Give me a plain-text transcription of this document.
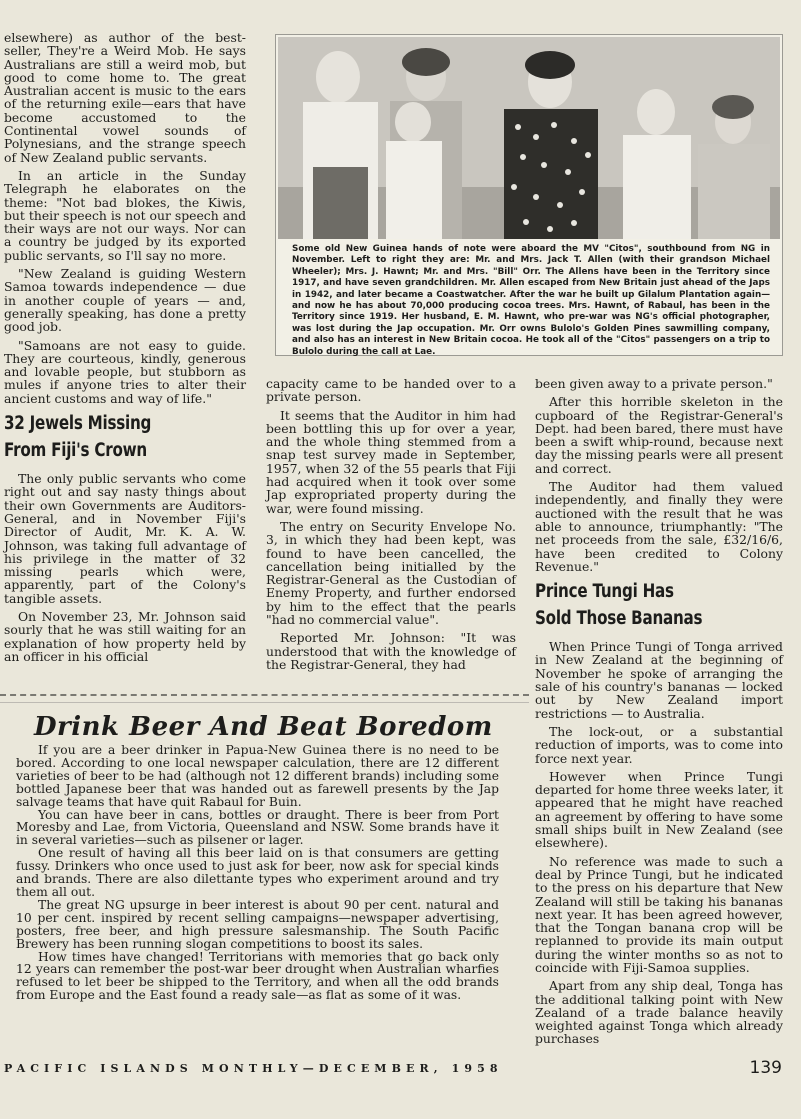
elsewhere) as author of the best-seller, They're a Weird Mob. He says Australians are still a weird mob, but good to come home to. The great Australian accent is music to the ears of the returning exile—ears that have become accustomed to the Continental vowel sounds of Polynesians, and the strange speech of New Zealand public servants.

In an article in the Sunday Telegraph he elaborates on the theme: "Not bad blokes, the Kiwis, but their speech is not our speech and their ways are not our ways. Nor can a country be judged by its exported public servants, so I'll say no more.

"New Zealand is guiding Western Samoa towards independence — due in another couple of years — and, generally speaking, has done a pretty good job.

"Samoans are not easy to guide. They are courteous, kindly, generous and lovable people, but stubborn as mules if anyone tries to alter their ancient customs and way of life."

32 Jewels Missing
From Fiji's Crown

The only public servants who come right out and say nasty things about their own Governments are Auditors-General, and in November Fiji's Director of Audit, Mr. K. A. W. Johnson, was taking full advantage of his privilege in the matter of 32 missing pearls which were, apparently, part of the Colony's tangible assets.

On November 23, Mr. Johnson said sourly that he was still waiting for an explanation of how property held by an officer in his official

Some old New Guinea hands of note were aboard the MV "Citos", southbound from NG in November. Left to right they are: Mr. and Mrs. Jack T. Allen (with their grandson Michael Wheeler); Mrs. J. Hawnt; Mr. and Mrs. "Bill" Orr. The Allens have been in the Territory since 1917, and have seven grandchildren. Mr. Allen escaped from New Britain just ahead of the Japs in 1942, and later became a Coastwatcher. After the war he built up Gilalum Plantation again—and now he has about 70,000 producing cocoa trees. Mrs. Hawnt, of Rabaul, has been in the Territory since 1919. Her husband, E. M. Hawnt, who pre-war was NG's official photographer, was lost during the Jap occupation. Mr. Orr owns Bulolo's Golden Pines sawmilling company, and also has an interest in New Britain cocoa. He took all of the "Citos" passengers on a trip to Bulolo during the call at Lae.

capacity came to be handed over to a private person.

It seems that the Auditor in him had been bottling this up for over a year, and the whole thing stemmed from a snap test survey made in September, 1957, when 32 of the 55 pearls that Fiji had acquired when it took over some Jap expropriated property during the war, were found missing.

The entry on Security Envelope No. 3, in which they had been kept, was found to have been cancelled, the cancellation being initialled by the Registrar-General as the Custodian of Enemy Property, and further endorsed by him to the effect that the pearls "had no commercial value".

Reported Mr. Johnson: "It was understood that with the knowledge of the Registrar-General, they had

been given away to a private person."

After this horrible skeleton in the cupboard of the Registrar-General's Dept. had been bared, there must have been a swift whip-round, because next day the missing pearls were all present and correct.

The Auditor had them valued independently, and finally they were auctioned with the result that he was able to announce, triumphantly: "The net proceeds from the sale, £32/16/6, have been credited to Colony Revenue."

Prince Tungi Has
Sold Those Bananas

When Prince Tungi of Tonga arrived in New Zealand at the beginning of November he spoke of arranging the sale of his country's bananas — locked out by New Zealand import restrictions — to Australia.

The lock-out, or a substantial reduction of imports, was to come into force next year.

However when Prince Tungi departed for home three weeks later, it appeared that he might have reached an agreement by offering to have some small ships built in New Zealand (see elsewhere).

No reference was made to such a deal by Prince Tungi, but he indicated to the press on his departure that New Zealand will still be taking his bananas next year. It has been agreed however, that the Tongan banana crop will be replanned to provide its main output during the winter months so as not to coincide with Fiji-Samoa supplies.

Apart from any ship deal, Tonga has the additional talking point with New Zealand of a trade balance heavily weighted against Tonga which already purchases

Drink Beer And Beat Boredom

If you are a beer drinker in Papua-New Guinea there is no need to be bored. According to one local newspaper calculation, there are 12 different varieties of beer to be had (although not 12 different brands) including some bottled Japanese beer that was handed out as farewell presents by the Jap salvage teams that have quit Rabaul for Buin.

You can have beer in cans, bottles or draught. There is beer from Port Moresby and Lae, from Victoria, Queensland and NSW. Some brands have it in several varieties—such as pilsener or lager.

One result of having all this beer laid on is that consumers are getting fussy. Drinkers who once used to just ask for beer, now ask for special kinds and brands. There are also dilettante types who experiment around and try them all out.

The great NG upsurge in beer interest is about 90 per cent. natural and 10 per cent. inspired by recent selling campaigns—newspaper advertising, posters, free beer, and high pressure salesmanship. The South Pacific Brewery has been running slogan competitions to boost its sales.

How times have changed! Territorians with memories that go back only 12 years can remember the post-war beer drought when Australian wharfies refused to let beer be shipped to the Territory, and when all the odd brands from Europe and the East found a ready sale—as flat as some of it was.

PACIFIC ISLANDS MONTHLY—DECEMBER, 1958	139
